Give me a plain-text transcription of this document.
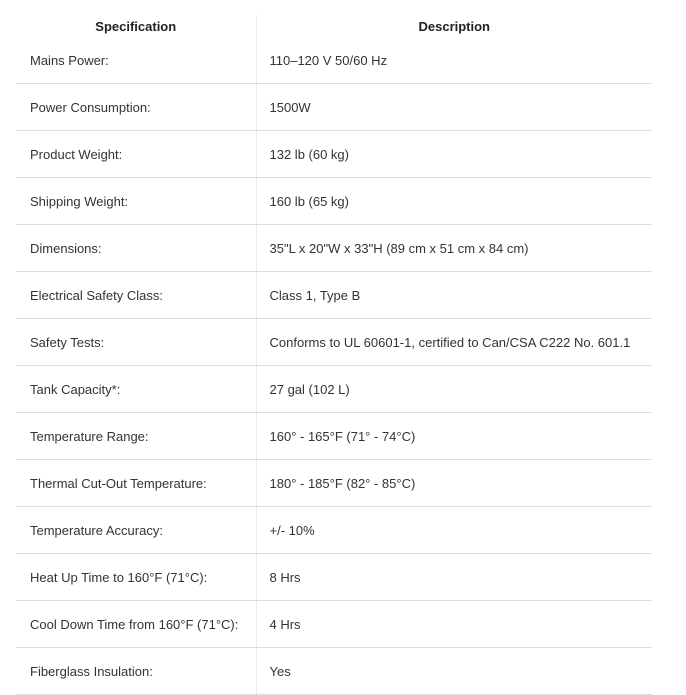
Specification	Description
Mains Power:	110–120 V 50/60 Hz
Power Consumption:	1500W
Product Weight:	132 lb (60 kg)
Shipping Weight:	160 lb (65 kg)
Dimensions:	35"L x 20"W x 33"H (89 cm x 51 cm x 84 cm)
Electrical Safety Class:	Class 1, Type B
Safety Tests:	Conforms to UL 60601-1, certified to Can/CSA C222 No. 601.1
Tank Capacity*:	27 gal (102 L)
Temperature Range:	160° - 165°F (71° - 74°C)
Thermal Cut-Out Temperature:	180° - 185°F (82° - 85°C)
Temperature Accuracy:	+/- 10%
Heat Up Time to 160°F (71°C):	8 Hrs
Cool Down Time from 160°F (71°C):	4 Hrs
Fiberglass Insulation:	Yes
